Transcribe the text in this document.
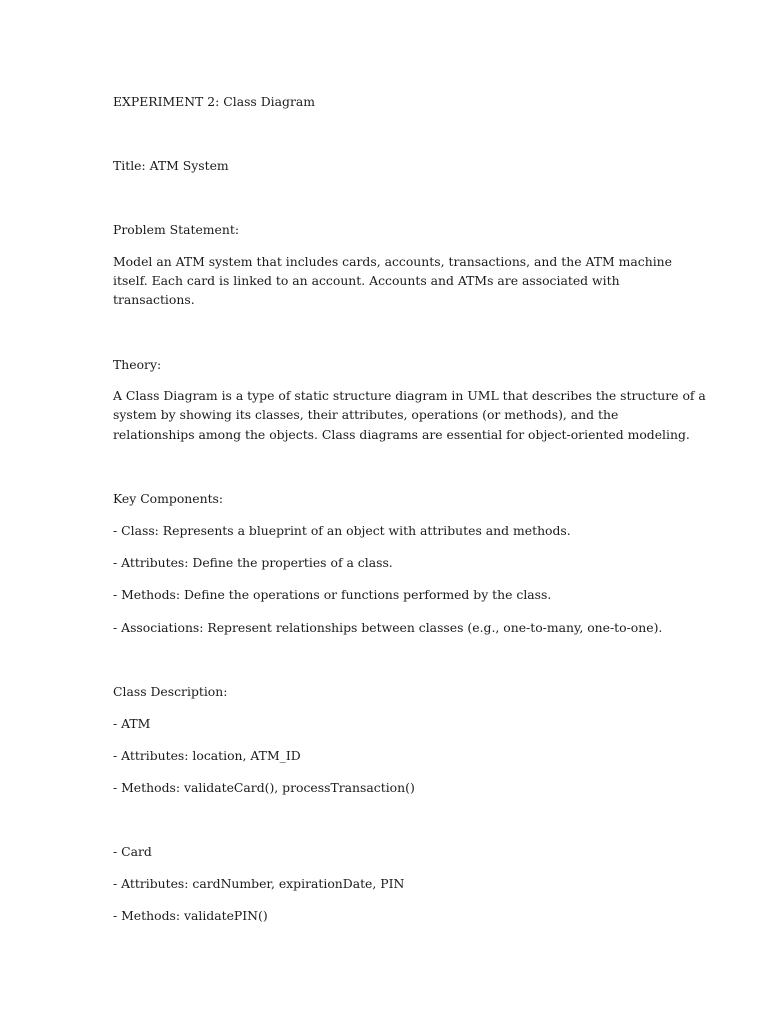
EXPERIMENT 2: Class Diagram

Title: ATM System

Problem Statement:

Model an ATM system that includes cards, accounts, transactions, and the ATM machine

itself. Each card is linked to an account. Accounts and ATMs are associated with

transactions.

Theory:

A Class Diagram is a type of static structure diagram in UML that describes the structure of a

system by showing its classes, their attributes, operations (or methods), and the

relationships among the objects. Class diagrams are essential for object-oriented modeling.

Key Components:

- Class: Represents a blueprint of an object with attributes and methods.

- Attributes: Define the properties of a class.

- Methods: Define the operations or functions performed by the class.

- Associations: Represent relationships between classes (e.g., one-to-many, one-to-one).

Class Description:

- ATM

- Attributes: location, ATM_ID

- Methods: validateCard(), processTransaction()

- Card

- Attributes: cardNumber, expirationDate, PIN

- Methods: validatePIN()
